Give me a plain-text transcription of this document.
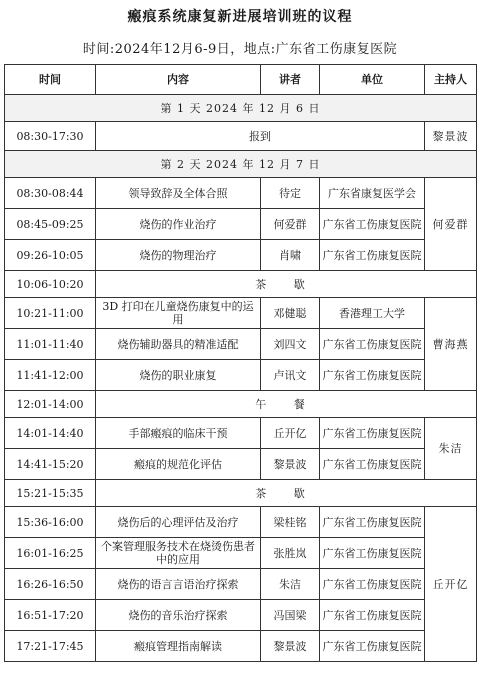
瘢痕系统康复新进展培训班的议程
时间:2024年12月6-9日，地点:广东省工伤康复医院
时间	内容	讲者	单位	主持人
第 1 天 2024 年 12 月 6 日				
08:30-17:30	报到			黎景波
第 2 天 2024 年 12 月 7 日				
08:30-08:44	领导致辞及全体合照	待定	广东省康复医学会	何爱群
08:45-09:25	烧伤的作业治疗	何爱群	广东省工伤康复医院	
09:26-10:05	烧伤的物理治疗	肖啸	广东省工伤康复医院	
10:06-10:20	茶 歇			
10:21-11:00	3D 打印在儿童烧伤康复中的运用	邓健聪	香港理工大学	曹海燕
11:01-11:40	烧伤辅助器具的精准适配	刘四文	广东省工伤康复医院	
11:41-12:00	烧伤的职业康复	卢讯文	广东省工伤康复医院	
12:01-14:00	午 餐			
14:01-14:40	手部瘢痕的临床干预	丘开亿	广东省工伤康复医院	朱洁
14:41-15:20	瘢痕的规范化评估	黎景波	广东省工伤康复医院	
15:21-15:35	茶 歇			
15:36-16:00	烧伤后的心理评估及治疗	梁桂铭	广东省工伤康复医院	丘开亿
16:01-16:25	个案管理服务技术在烧烫伤患者中的应用	张胜岚	广东省工伤康复医院	
16:26-16:50	烧伤的语言言语治疗探索	朱洁	广东省工伤康复医院	
16:51-17:20	烧伤的音乐治疗探索	冯国梁	广东省工伤康复医院	
17:21-17:45	瘢痕管理指南解读	黎景波	广东省工伤康复医院	
